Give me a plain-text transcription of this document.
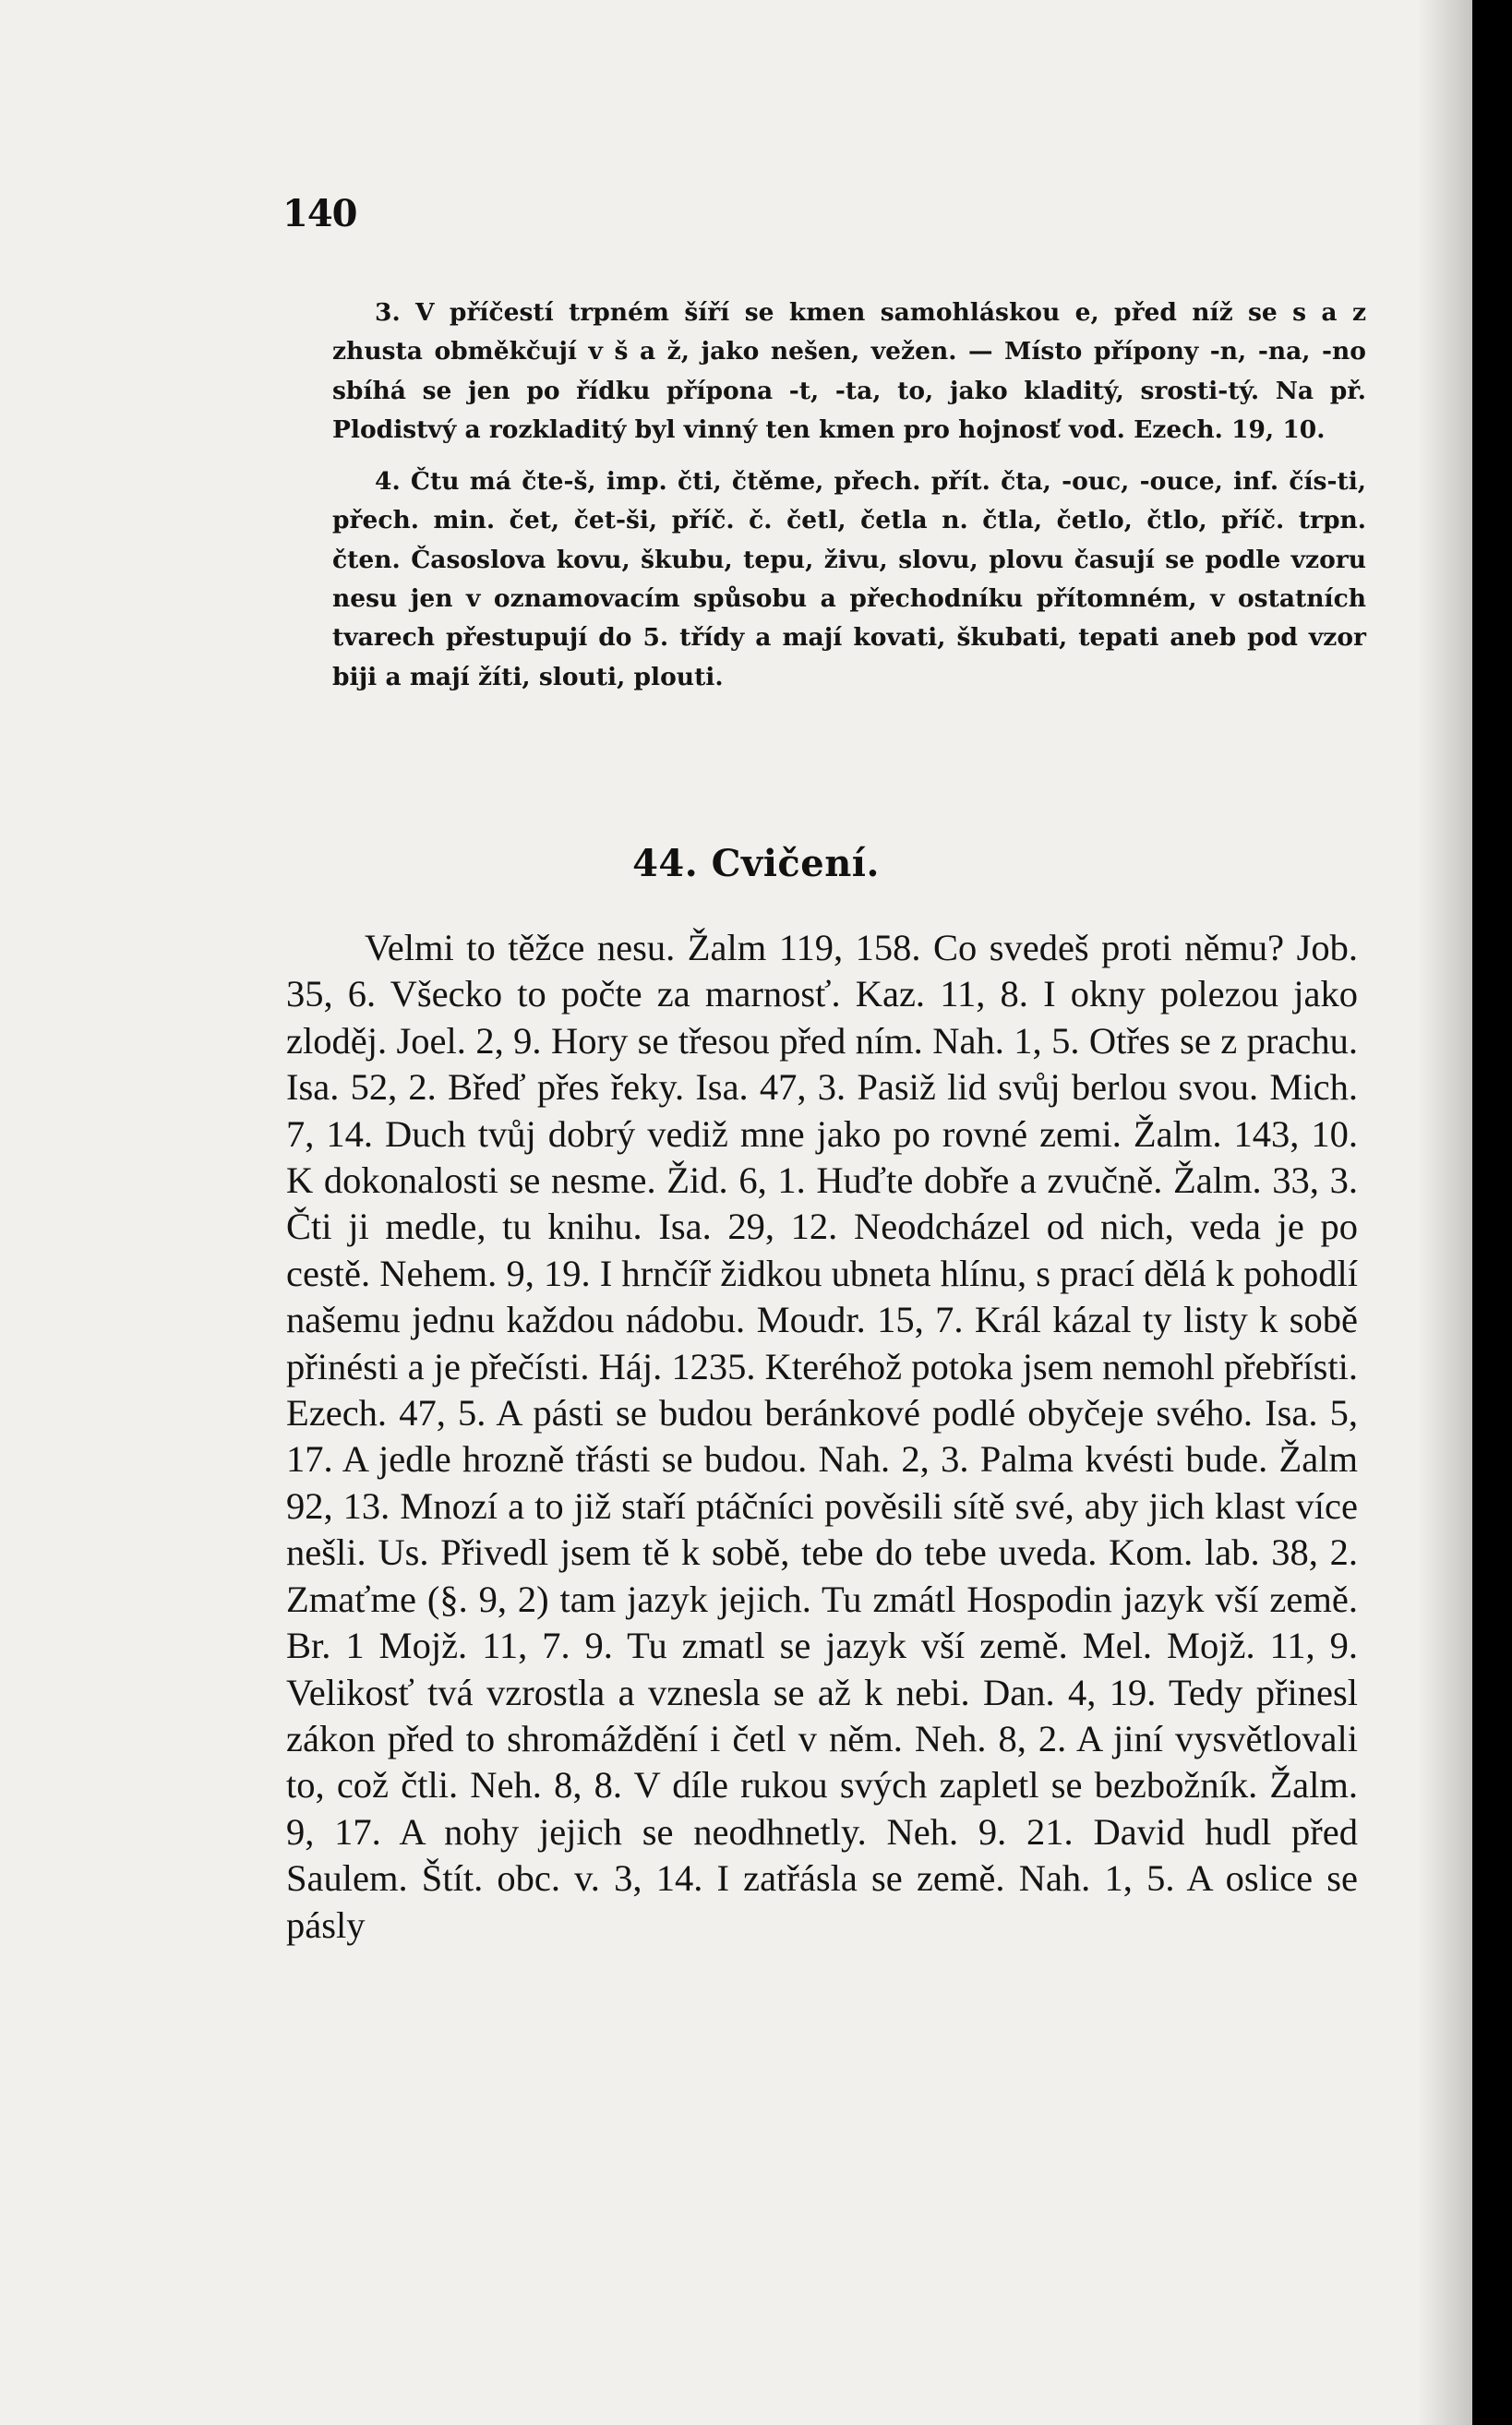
140

3. V příčestí trpném šíří se kmen samohláskou e, před níž se s a z zhusta obměkčují v š a ž, jako nešen, vežen. — Místo přípony -n, -na, -no sbíhá se jen po řídku přípona -t, -ta, to, jako kladitý, srosti-tý. Na př. Plodistvý a rozkladitý byl vinný ten kmen pro hojnosť vod. Ezech. 19, 10.

4. Čtu má čte-š, imp. čti, čtěme, přech. přít. čta, -ouc, -ouce, inf. čís-ti, přech. min. čet, čet-ši, příč. č. četl, četla n. čtla, četlo, čtlo, příč. trpn. čten. Časoslova kovu, škubu, tepu, živu, slovu, plovu časují se podle vzoru nesu jen v oznamovacím spůsobu a přechodníku přítomném, v ostatních tvarech přestupují do 5. třídy a mají kovati, škubati, tepati aneb pod vzor biji a mají žíti, slouti, plouti.

44. Cvičení.

Velmi to těžce nesu. Žalm 119, 158. Co svedeš proti němu? Job. 35, 6. Všecko to počte za marnosť. Kaz. 11, 8. I okny polezou jako zloděj. Joel. 2, 9. Hory se třesou před ním. Nah. 1, 5. Otřes se z prachu. Isa. 52, 2. Břeď přes řeky. Isa. 47, 3. Pasiž lid svůj berlou svou. Mich. 7, 14. Duch tvůj dobrý vediž mne jako po rovné zemi. Žalm. 143, 10. K dokonalosti se nesme. Žid. 6, 1. Huďte dobře a zvučně. Žalm. 33, 3. Čti ji medle, tu knihu. Isa. 29, 12. Neodcházel od nich, veda je po cestě. Nehem. 9, 19. I hrnčíř židkou ubneta hlínu, s prací dělá k pohodlí našemu jednu každou nádobu. Moudr. 15, 7. Král kázal ty listy k sobě přinésti a je přečísti. Háj. 1235. Kteréhož potoka jsem nemohl přebřísti. Ezech. 47, 5. A pásti se budou beránkové podlé obyčeje svého. Isa. 5, 17. A jedle hrozně třásti se budou. Nah. 2, 3. Palma kvésti bude. Žalm 92, 13. Mnozí a to již staří ptáčníci pověsili sítě své, aby jich klast více nešli. Us. Přivedl jsem tě k sobě, tebe do tebe uveda. Kom. lab. 38, 2. Zmaťme (§. 9, 2) tam jazyk jejich. Tu zmátl Hospodin jazyk vší země. Br. 1 Mojž. 11, 7. 9. Tu zmatl se jazyk vší země. Mel. Mojž. 11, 9. Velikosť tvá vzrostla a vznesla se až k nebi. Dan. 4, 19. Tedy přinesl zákon před to shromáždění i četl v něm. Neh. 8, 2. A jiní vysvětlovali to, což čtli. Neh. 8, 8. V díle rukou svých zapletl se bezbožník. Žalm. 9, 17. A nohy jejich se neodhnetly. Neh. 9. 21. David hudl před Saulem. Štít. obc. v. 3, 14. I zatřásla se země. Nah. 1, 5. A oslice se pásly
